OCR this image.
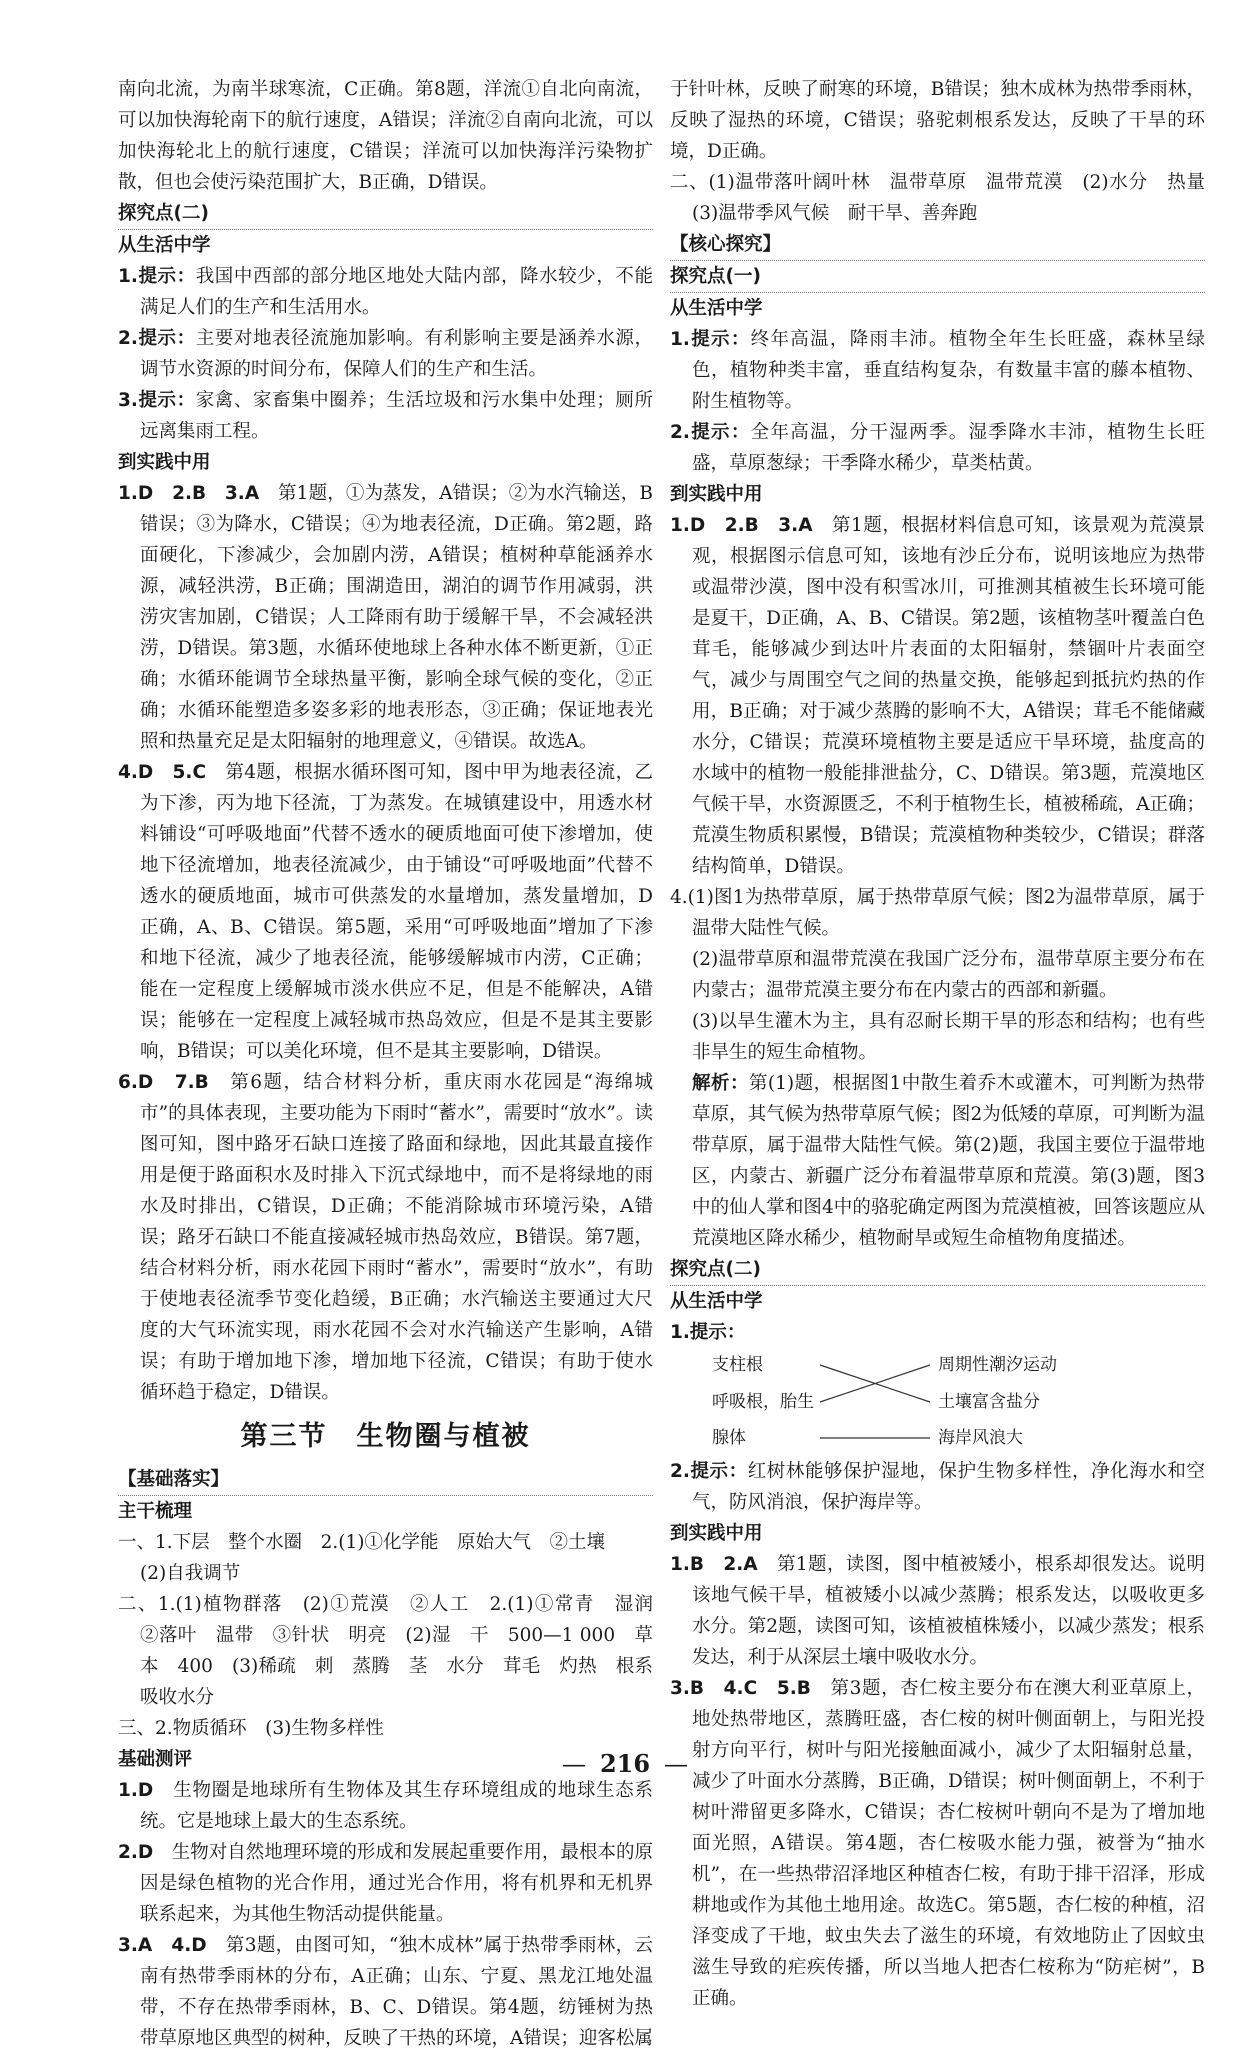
南向北流，为南半球寒流，C正确。第8题，洋流①自北向南流，可以加快海轮南下的航行速度，A错误；洋流②自南向北流，可以加快海轮北上的航行速度，C错误；洋流可以加快海洋污染物扩散，但也会使污染范围扩大，B正确，D错误。

探究点(二)

从生活中学

1.提示：我国中西部的部分地区地处大陆内部，降水较少，不能满足人们的生产和生活用水。

2.提示：主要对地表径流施加影响。有利影响主要是涵养水源，调节水资源的时间分布，保障人们的生产和生活。

3.提示：家禽、家畜集中圈养；生活垃圾和污水集中处理；厕所远离集雨工程。

到实践中用

1.D　2.B　3.A　 第1题，①为蒸发，A错误；②为水汽输送，B错误；③为降水，C错误；④为地表径流，D正确。第2题，路面硬化，下渗减少，会加剧内涝，A错误；植树种草能涵养水源，减轻洪涝，B正确；围湖造田，湖泊的调节作用减弱，洪涝灾害加剧，C错误；人工降雨有助于缓解干旱，不会减轻洪涝，D错误。第3题，水循环使地球上各种水体不断更新，①正确；水循环能调节全球热量平衡，影响全球气候的变化，②正确；水循环能塑造多姿多彩的地表形态，③正确；保证地表光照和热量充足是太阳辐射的地理意义，④错误。故选A。

4.D　5.C　 第4题，根据水循环图可知，图中甲为地表径流，乙为下渗，丙为地下径流，丁为蒸发。在城镇建设中，用透水材料铺设“可呼吸地面”代替不透水的硬质地面可使下渗增加，使地下径流增加，地表径流减少，由于铺设“可呼吸地面”代替不透水的硬质地面，城市可供蒸发的水量增加，蒸发量增加，D正确，A、B、C错误。第5题，采用“可呼吸地面”增加了下渗和地下径流，减少了地表径流，能够缓解城市内涝，C正确；能在一定程度上缓解城市淡水供应不足，但是不能解决，A错误；能够在一定程度上减轻城市热岛效应，但是不是其主要影响，B错误；可以美化环境，但不是其主要影响，D错误。

6.D　7.B　 第6题，结合材料分析，重庆雨水花园是“海绵城市”的具体表现，主要功能为下雨时“蓄水”，需要时“放水”。读图可知，图中路牙石缺口连接了路面和绿地，因此其最直接作用是便于路面积水及时排入下沉式绿地中，而不是将绿地的雨水及时排出，C错误，D正确；不能消除城市环境污染，A错误；路牙石缺口不能直接减轻城市热岛效应，B错误。第7题，结合材料分析，雨水花园下雨时“蓄水”，需要时“放水”，有助于使地表径流季节变化趋缓，B正确；水汽输送主要通过大尺度的大气环流实现，雨水花园不会对水汽输送产生影响，A错误；有助于增加地下渗，增加地下径流，C错误；有助于使水循环趋于稳定，D错误。

第三节　生物圈与植被

【基础落实】

主干梳理

一、1.下层　整个水圈　2.(1)①化学能　原始大气　②土壤

(2)自我调节

二、1.(1)植物群落　(2)①荒漠　②人工　2.(1)①常青　湿润　②落叶　温带　③针状　明亮　(2)湿　干　500—1 000　草本　400　(3)稀疏　刺　蒸腾　茎　水分　茸毛　灼热　根系　吸收水分

三、2.物质循环　(3)生物多样性

基础测评

1.D　 生物圈是地球所有生物体及其生存环境组成的地球生态系统。它是地球上最大的生态系统。

2.D　 生物对自然地理环境的形成和发展起重要作用，最根本的原因是绿色植物的光合作用，通过光合作用，将有机界和无机界联系起来，为其他生物活动提供能量。

3.A　4.D　 第3题，由图可知，“独木成林”属于热带季雨林，云南有热带季雨林的分布，A正确；山东、宁夏、黑龙江地处温带，不存在热带季雨林，B、C、D错误。第4题，纺锤树为热带草原地区典型的树种，反映了干热的环境，A错误；迎客松属

于针叶林，反映了耐寒的环境，B错误；独木成林为热带季雨林，反映了湿热的环境，C错误；骆驼刺根系发达，反映了干旱的环境，D正确。

二、(1)温带落叶阔叶林　温带草原　温带荒漠　(2)水分　热量　(3)温带季风气候　耐干旱、善奔跑

【核心探究】

探究点(一)

从生活中学

1.提示：终年高温，降雨丰沛。植物全年生长旺盛，森林呈绿色，植物种类丰富，垂直结构复杂，有数量丰富的藤本植物、附生植物等。

2.提示：全年高温，分干湿两季。湿季降水丰沛，植物生长旺盛，草原葱绿；干季降水稀少，草类枯黄。

到实践中用

1.D　2.B　3.A　 第1题，根据材料信息可知，该景观为荒漠景观，根据图示信息可知，该地有沙丘分布，说明该地应为热带或温带沙漠，图中没有积雪冰川，可推测其植被生长环境可能是夏干，D正确，A、B、C错误。第2题，该植物茎叶覆盖白色茸毛，能够减少到达叶片表面的太阳辐射，禁锢叶片表面空气，减少与周围空气之间的热量交换，能够起到抵抗灼热的作用，B正确；对于减少蒸腾的影响不大，A错误；茸毛不能储藏水分，C错误；荒漠环境植物主要是适应干旱环境，盐度高的水域中的植物一般能排泄盐分，C、D错误。第3题，荒漠地区气候干旱，水资源匮乏，不利于植物生长，植被稀疏，A正确；荒漠生物质积累慢，B错误；荒漠植物种类较少，C错误；群落结构简单，D错误。

4.(1)图1为热带草原，属于热带草原气候；图2为温带草原，属于温带大陆性气候。

(2)温带草原和温带荒漠在我国广泛分布，温带草原主要分布在内蒙古；温带荒漠主要分布在内蒙古的西部和新疆。

(3)以旱生灌木为主，具有忍耐长期干旱的形态和结构；也有些非旱生的短生命植物。

解析：第(1)题，根据图1中散生着乔木或灌木，可判断为热带草原，其气候为热带草原气候；图2为低矮的草原，可判断为温带草原，属于温带大陆性气候。第(2)题，我国主要位于温带地区，内蒙古、新疆广泛分布着温带草原和荒漠。第(3)题，图3中的仙人掌和图4中的骆驼确定两图为荒漠植被，回答该题应从荒漠地区降水稀少，植物耐旱或短生命植物角度描述。

探究点(二)

从生活中学

1.提示：

支柱根
呼吸根，胎生
腺体
周期性潮汐运动
土壤富含盐分
海岸风浪大

2.提示：红树林能够保护湿地，保护生物多样性，净化海水和空气，防风消浪，保护海岸等。

到实践中用

1.B　2.A　 第1题，读图，图中植被矮小，根系却很发达。说明该地气候干旱，植被矮小以减少蒸腾；根系发达，以吸收更多水分。第2题，读图可知，该植被植株矮小，以减少蒸发；根系发达，利于从深层土壤中吸收水分。

3.B　4.C　5.B　 第3题，杏仁桉主要分布在澳大利亚草原上，地处热带地区，蒸腾旺盛，杏仁桉的树叶侧面朝上，与阳光投射方向平行，树叶与阳光接触面减小，减少了太阳辐射总量，减少了叶面水分蒸腾，B正确，D错误；树叶侧面朝上，不利于树叶滞留更多降水，C错误；杏仁桉树叶朝向不是为了增加地面光照，A错误。第4题，杏仁桉吸水能力强，被誉为“抽水机”，在一些热带沼泽地区种植杏仁桉，有助于排干沼泽，形成耕地或作为其他土地用途。故选C。第5题，杏仁桉的种植，沼泽变成了干地，蚊虫失去了滋生的环境，有效地防止了因蚊虫滋生导致的疟疾传播，所以当地人把杏仁桉称为“防疟树”，B正确。

— 216 —
